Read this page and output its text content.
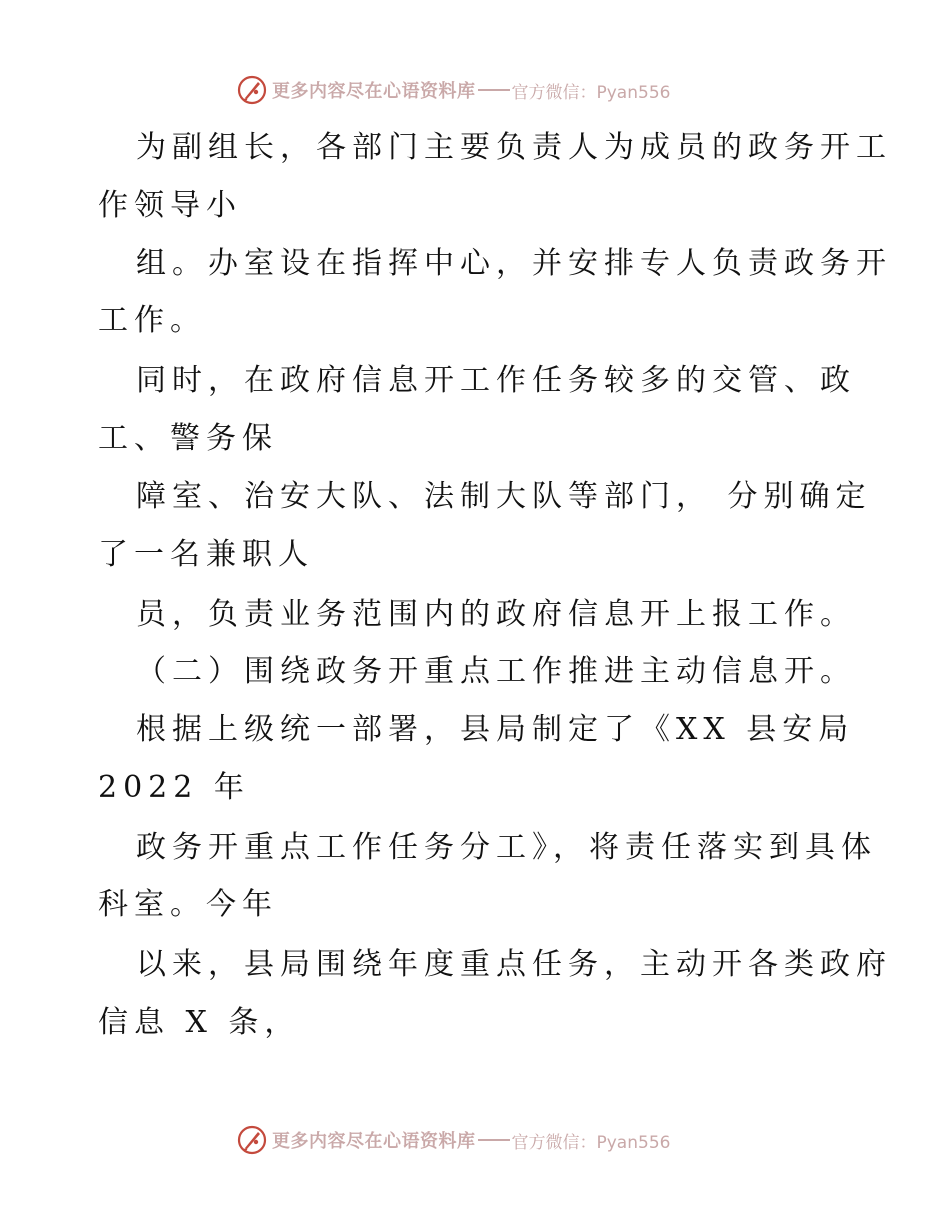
更多内容尽在心语资料库 官方微信：Pyan556
为副组长，各部门主要负责人为成员的政务开工
作领导小
组。办室设在指挥中心，并安排专人负责政务开
工作。
同时，在政府信息开工作任务较多的交管、政
工、警务保
障室、治安大队、法制大队等部门， 分别确定
了一名兼职人
员，负责业务范围内的政府信息开上报工作。
（二）围绕政务开重点工作推进主动信息开。
根据上级统一部署，县局制定了《XX 县安局
2022 年
政务开重点工作任务分工》，将责任落实到具体
科室。今年
以来，县局围绕年度重点任务，主动开各类政府
信息 X 条，
更多内容尽在心语资料库 官方微信：Pyan556
